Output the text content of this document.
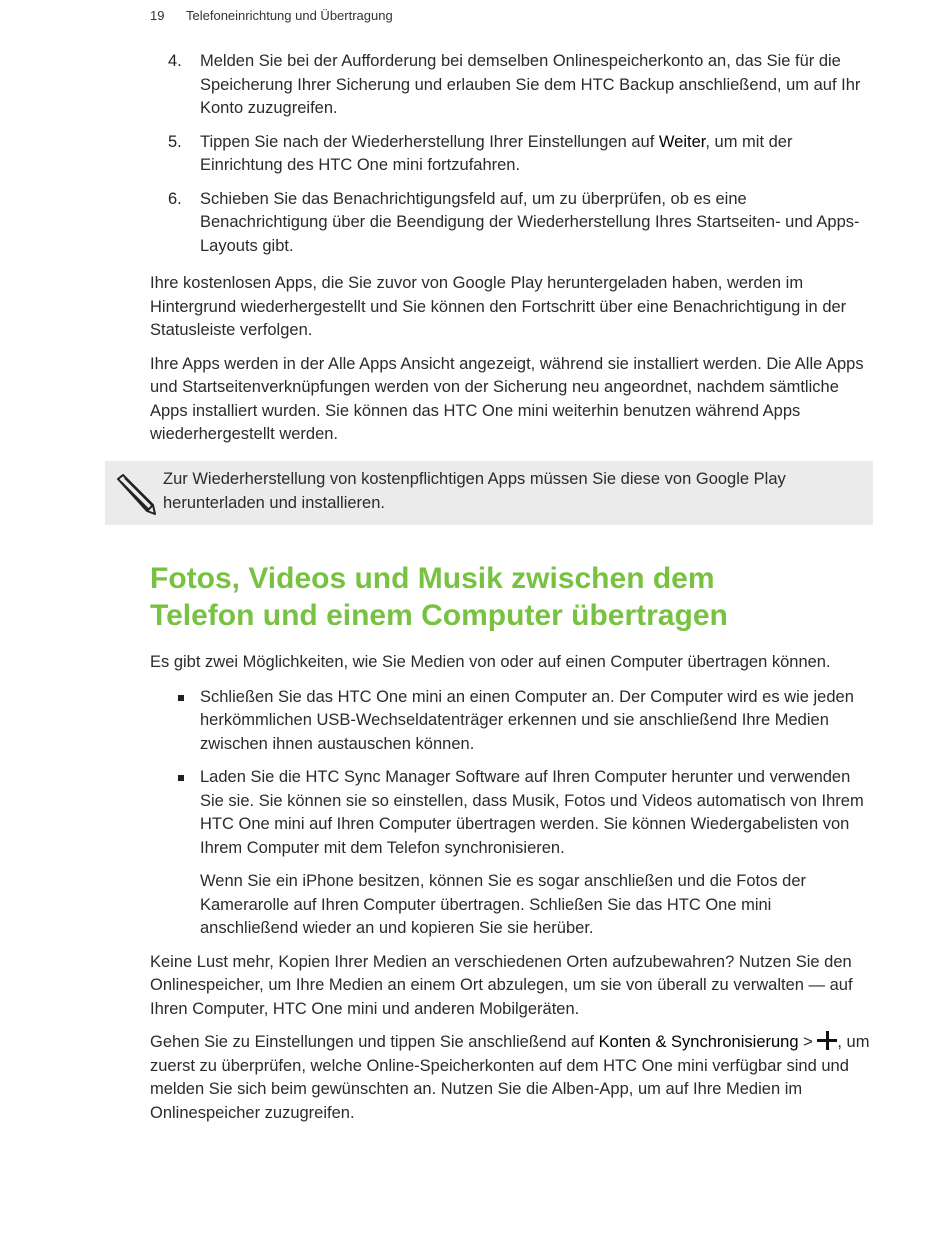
19 Telefoneinrichtung und Übertragung
4.	Melden Sie bei der Aufforderung bei demselben Onlinespeicherkonto an, das Sie für die Speicherung Ihrer Sicherung und erlauben Sie dem HTC Backup anschließend, um auf Ihr Konto zuzugreifen.
5.	Tippen Sie nach der Wiederherstellung Ihrer Einstellungen auf Weiter, um mit der Einrichtung des HTC One mini fortzufahren.
6.	Schieben Sie das Benachrichtigungsfeld auf, um zu überprüfen, ob es eine Benachrichtigung über die Beendigung der Wiederherstellung Ihres Startseiten- und Apps-Layouts gibt.

Ihre kostenlosen Apps, die Sie zuvor von Google Play heruntergeladen haben, werden im Hintergrund wiederhergestellt und Sie können den Fortschritt über eine Benachrichtigung in der Statusleiste verfolgen.

Ihre Apps werden in der Alle Apps Ansicht angezeigt, während sie installiert werden. Die Alle Apps und Startseitenverknüpfungen werden von der Sicherung neu angeordnet, nachdem sämtliche Apps installiert wurden. Sie können das HTC One mini weiterhin benutzen während Apps wiederhergestellt werden.

Zur Wiederherstellung von kostenpflichtigen Apps müssen Sie diese von Google Play herunterladen und installieren.
Fotos, Videos und Musik zwischen dem
Telefon und einem Computer übertragen

Es gibt zwei Möglichkeiten, wie Sie Medien von oder auf einen Computer übertragen können.

Schließen Sie das HTC One mini an einen Computer an. Der Computer wird es wie jeden herkömmlichen USB-Wechseldatenträger erkennen und sie anschließend Ihre Medien zwischen ihnen austauschen können.
Laden Sie die HTC Sync Manager Software auf Ihren Computer herunter und verwenden Sie sie. Sie können sie so einstellen, dass Musik, Fotos und Videos automatisch von Ihrem HTC One mini auf Ihren Computer übertragen werden. Sie können Wiedergabelisten von Ihrem Computer mit dem Telefon synchronisieren.

Wenn Sie ein iPhone besitzen, können Sie es sogar anschließen und die Fotos der Kamerarolle auf Ihren Computer übertragen. Schließen Sie das HTC One mini anschließend wieder an und kopieren Sie sie herüber.

Keine Lust mehr, Kopien Ihrer Medien an verschiedenen Orten aufzubewahren? Nutzen Sie den Onlinespeicher, um Ihre Medien an einem Ort abzulegen, um sie von überall zu verwalten — auf Ihren Computer, HTC One mini und anderen Mobilgeräten.

Gehen Sie zu Einstellungen und tippen Sie anschließend auf Konten & Synchronisierung > , um zuerst zu überprüfen, welche Online-Speicherkonten auf dem HTC One mini verfügbar sind und melden Sie sich beim gewünschten an. Nutzen Sie die Alben-App, um auf Ihre Medien im Onlinespeicher zuzugreifen.
